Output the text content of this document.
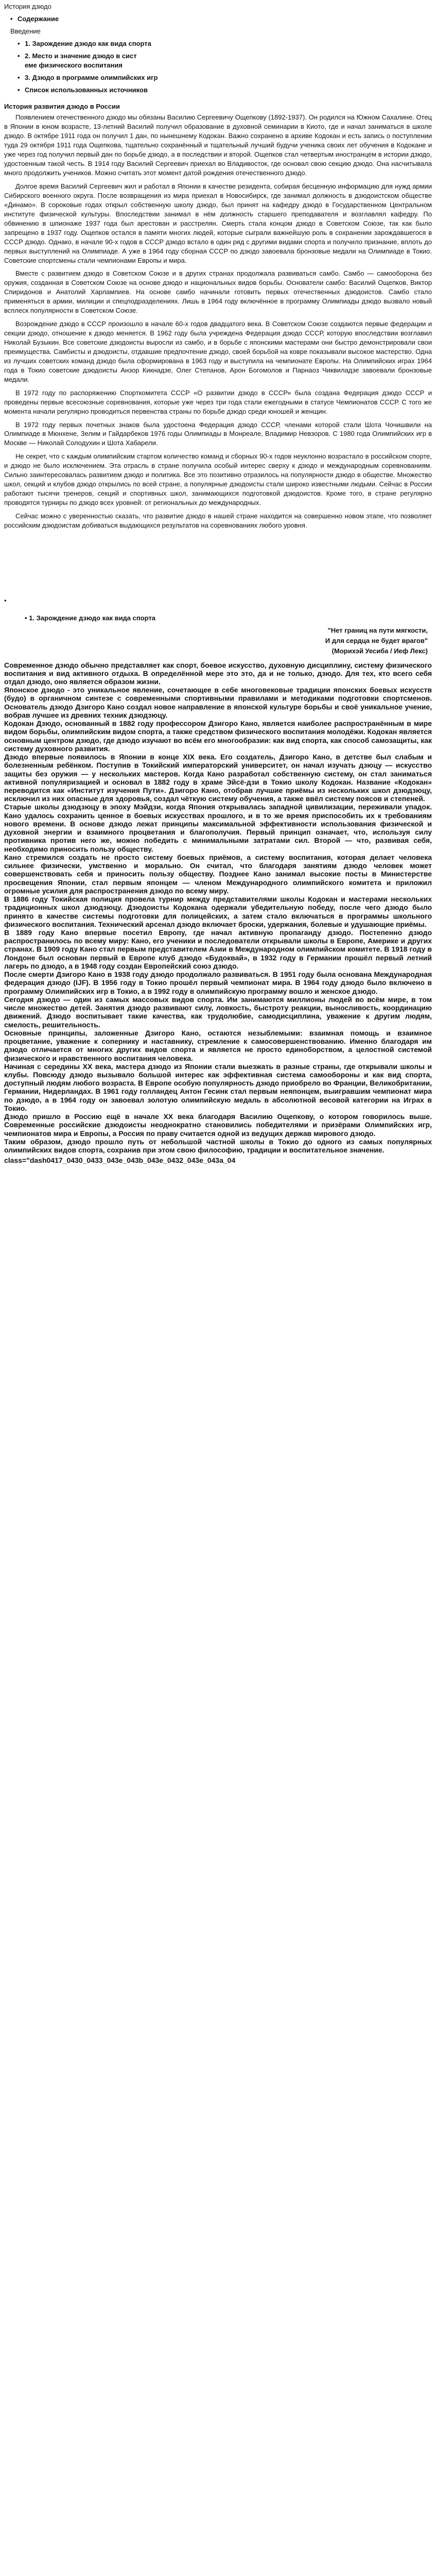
История дзюдо

• Содержание
Введение
• 1. Зарождение дзюдо как вида спорта
• 2. Место и значение дзюдо в сист
еме физического воспитания
• 3. Дзюдо в программе олимпийских игр
• Список использованных источников
История развития дзюдо в России

Появлением отечественного дзюдо мы обязаны Василию Сергеевичу Ощепкову (1892-1937). Он родился на Южном Сахалине. Отец в Японии в юном возрасте, 13-летний Василий получил образование в духовной семинарии в Киото, где и начал заниматься в школе дзюдо. В октябре 1911 года он получил 1 дан, по нынешнему Кодокан. Важно сохранено в архиве Кодокан и есть запись о поступлении туда 29 октября 1911 года Ощепкова, тщательно сохранённый и тщательный лучший будучи ученика своих лет обучения в Кодокане и уже через год получил первый дан по борьбе дзюдо, а в последствии и второй. Ощепков стал четвертым иностранцем в истории дзюдо, удостоенным такой честь. В 1914 году Василий Сергеевич приехал во Владивосток, где основал свою секцию дзюдо. Она насчитывала много продолжить учеников. Можно считать этот момент датой рождения отечественного дзюдо.

Долгое время Василий Сергеевич жил и работал в Японии в качестве резидента, собирая бесценную информацию для нужд армии Сибирского военного округа. После возвращения из мира приехал в Новосибирск, где занимал должность в дзюдоистском обществе «Динамо». В сороковые годах открыл собственную школу дзюдо, был принят на кафедру дзюдо в Государственном Центральном институте физической культуры. Впоследствии занимал в нём должность старшего преподавателя и возглавлял кафедру. По обвинению в шпионаже 1937 года был арестован и расстрелян. Смерть стала концом дзюдо в Советском Союзе, так как было запрещено в 1937 году. Ощепков остался в памяти многих людей, которые сыграли важнейшую роль в сохранении зарождавшегося в СССР дзюдо. Однако, в начале 90-х годов в СССР дзюдо встало в один ряд с другими видами спорта и получило признание, вплоть до первых выступлений на Олимпиаде. А уже в 1964 году сборная СССР по дзюдо завоевала бронзовые медали на Олимпиаде в Токио. Советские спортсмены стали чемпионами Европы и мира.

Вместе с развитием дзюдо в Советском Союзе и в других странах продолжала развиваться самбо. Самбо — самооборона без оружия, созданная в Советском Союзе на основе дзюдо и национальных видов борьбы. Основатели самбо: Василий Ощепков, Виктор Спиридонов и Анатолий Харлампиев. На основе самбо начинали готовить первых отечественных дзюдоистов. Самбо стало применяться в армии, милиции и спецподразделениях. Лишь в 1964 году включённое в программу Олимпиады дзюдо вызвало новый всплеск популярности в Советском Союзе.

Возрождение дзюдо в СССР произошло в начале 60-х годов двадцатого века. В Советском Союзе создаются первые федерации и секции дзюдо, отношение к дзюдо меняется. В 1962 году была учреждена Федерация дзюдо СССР, которую впоследствии возглавил Николай Бузыкин. Все советские дзюдоисты выросли из самбо, и в борьбе с японскими мастерами они быстро демонстрировали свои преимущества. Самбисты и дзюдоисты, отдавшие предпочтение дзюдо, своей борьбой на ковре показывали высокое мастерство. Одна из лучших советских команд дзюдо была сформирована в 1963 году и выступила на чемпионате Европы. На Олимпийских играх 1964 года в Токио советские дзюдоисты Анзор Кикнадзе, Олег Степанов, Арон Богомолов и Парнаоз Чиквиладзе завоевали бронзовые медали.

В 1972 году по распоряжению Спорткомитета СССР «О развитии дзюдо в СССР» была создана Федерация дзюдо СССР и проведены первые всесоюзные соревнования, которые уже через три года стали ежегодными в статусе Чемпионатов СССР. С того же момента начали регулярно проводиться первенства страны по борьбе дзюдо среди юношей и женщин.

В 1972 году первых почетных знаков была удостоена Федерация дзюдо СССР, членами которой стали Шота Чочишвили на Олимпиаде в Мюнхене, Зелим и Гайдарбеков 1976 годы Олимпиады в Монреале, Владимир Невзоров. С 1980 года Олимпийских игр в Москве — Николай Солодухин и Шота Хабарели.

Не секрет, что с каждым олимпийским стартом количество команд и сборных 90-х годов неуклонно возрастало в российском спорте, и дзюдо не было исключением. Эта отрасль в стране получила особый интерес сверху к дзюдо и международным соревнованиям. Сильно заинтересовалась развитием дзюдо и политика. Все это позитивно отразилось на популярности дзюдо в обществе. Множество школ, секций и клубов дзюдо открылись по всей стране, а популярные дзюдоисты стали широко известными людьми. Сейчас в России работают тысячи тренеров, секций и спортивных школ, занимающихся подготовкой дзюдоистов. Кроме того, в стране регулярно проводятся турниры по дзюдо всех уровней: от региональных до международных.

Сейчас можно с уверенностью сказать, что развитие дзюдо в нашей стране находится на совершенно новом этапе, что позволяет российским дзюдоистам добиваться выдающихся результатов на соревнованиях любого уровня.

•
• 1. Зарождение дзюдо как вида спорта
"Нет границ на пути мягкости,
И для сердца не будет врагов"
(Морихэй Уесиба / Иеф Лекс)

Современное дзюдо обычно представляет как спорт, боевое искусство, духовную дисциплину, систему физического воспитания и вид активного отдыха. В определённой мере это это, да и не только, дзюдо. Для тех, кто всего себя отдал дзюдо, оно является образом жизни.

Японское дзюдо - это уникальное явление, сочетающее в себе многовековые традиции японских боевых искусств (будо) в органичном синтезе с современными спортивными правилами и методиками подготовки спортсменов. Основатель дзюдо Дзигоро Кано создал новое направление в японской культуре борьбы и своё уникальное учение, вобрав лучшее из древних техник дзюдзюцу.

Кодокан Дзюдо, основанный в 1882 году профессором Дзигоро Кано, является наиболее распространённым в мире видом борьбы, олимпийским видом спорта, а также средством физического воспитания молодёжи. Кодокан является основным центром дзюдо, где дзюдо изучают во всём его многообразии: как вид спорта, как способ самозащиты, как систему духовного развития.

Дзюдо впервые появилось в Японии в конце XIX века. Его создатель, Дзигоро Кано, в детстве был слабым и болезненным ребёнком. Поступив в Токийский императорский университет, он начал изучать дзюцу — искусство защиты без оружия — у нескольких мастеров. Когда Кано разработал собственную систему, он стал заниматься активной популяризацией и основал в 1882 году в храме Эйсё-дзи в Токио школу Кодокан. Название «Кодокан» переводится как «Институт изучения Пути». Дзигоро Кано, отобрав лучшие приёмы из нескольких школ дзюдзюцу, исключил из них опасные для здоровья, создал чёткую систему обучения, а также ввёл систему поясов и степеней.

Старые школы дзюдзюцу в эпоху Мэйдзи, когда Япония открывалась западной цивилизации, переживали упадок. Кано удалось сохранить ценное в боевых искусствах прошлого, и в то же время приспособить их к требованиям нового времени. В основе дзюдо лежат принципы максимальной эффективности использования физической и духовной энергии и взаимного процветания и благополучия. Первый принцип означает, что, используя силу противника против него же, можно победить с минимальными затратами сил. Второй — что, развивая себя, необходимо приносить пользу обществу.

Кано стремился создать не просто систему боевых приёмов, а систему воспитания, которая делает человека сильнее физически, умственно и морально. Он считал, что благодаря занятиям дзюдо человек может совершенствовать себя и приносить пользу обществу. Позднее Кано занимал высокие посты в Министерстве просвещения Японии, стал первым японцем — членом Международного олимпийского комитета и приложил огромные усилия для распространения дзюдо по всему миру.

В 1886 году Токийская полиция провела турнир между представителями школы Кодокан и мастерами нескольких традиционных школ дзюдзюцу. Дзюдоисты Кодокана одержали убедительную победу, после чего дзюдо было принято в качестве системы подготовки для полицейских, а затем стало включаться в программы школьного физического воспитания. Технический арсенал дзюдо включает броски, удержания, болевые и удушающие приёмы.

В 1889 году Кано впервые посетил Европу, где начал активную пропаганду дзюдо. Постепенно дзюдо распространилось по всему миру: Кано, его ученики и последователи открывали школы в Европе, Америке и других странах. В 1909 году Кано стал первым представителем Азии в Международном олимпийском комитете. В 1918 году в Лондоне был основан первый в Европе клуб дзюдо «Будоквай», в 1932 году в Германии прошёл первый летний лагерь по дзюдо, а в 1948 году создан Европейский союз дзюдо.

После смерти Дзигоро Кано в 1938 году дзюдо продолжало развиваться. В 1951 году была основана Международная федерация дзюдо (IJF). В 1956 году в Токио прошёл первый чемпионат мира. В 1964 году дзюдо было включено в программу Олимпийских игр в Токио, а в 1992 году в олимпийскую программу вошло и женское дзюдо.

Сегодня дзюдо — один из самых массовых видов спорта. Им занимаются миллионы людей во всём мире, в том числе множество детей. Занятия дзюдо развивают силу, ловкость, быстроту реакции, выносливость, координацию движений. Дзюдо воспитывает такие качества, как трудолюбие, самодисциплина, уважение к другим людям, смелость, решительность.

Основные принципы, заложенные Дзигоро Кано, остаются незыблемыми: взаимная помощь и взаимное процветание, уважение к сопернику и наставнику, стремление к самосовершенствованию. Именно благодаря им дзюдо отличается от многих других видов спорта и является не просто единоборством, а целостной системой физического и нравственного воспитания человека.

Начиная с середины XX века, мастера дзюдо из Японии стали выезжать в разные страны, где открывали школы и клубы. Повсюду дзюдо вызывало большой интерес как эффективная система самообороны и как вид спорта, доступный людям любого возраста. В Европе особую популярность дзюдо приобрело во Франции, Великобритании, Германии, Нидерландах. В 1961 году голландец Антон Гесинк стал первым неяпонцем, выигравшим чемпионат мира по дзюдо, а в 1964 году он завоевал золотую олимпийскую медаль в абсолютной весовой категории на Играх в Токио.

Дзюдо пришло в Россию ещё в начале XX века благодаря Василию Ощепкову, о котором говорилось выше. Современные российские дзюдоисты неоднократно становились победителями и призёрами Олимпийских игр, чемпионатов мира и Европы, а Россия по праву считается одной из ведущих держав мирового дзюдо.

Таким образом, дзюдо прошло путь от небольшой частной школы в Токио до одного из самых популярных олимпийских видов спорта, сохранив при этом свою философию, традиции и воспитательное значение.

class="dash0417_0430_0433_043e_043b_043e_0432_043e_043a_04
